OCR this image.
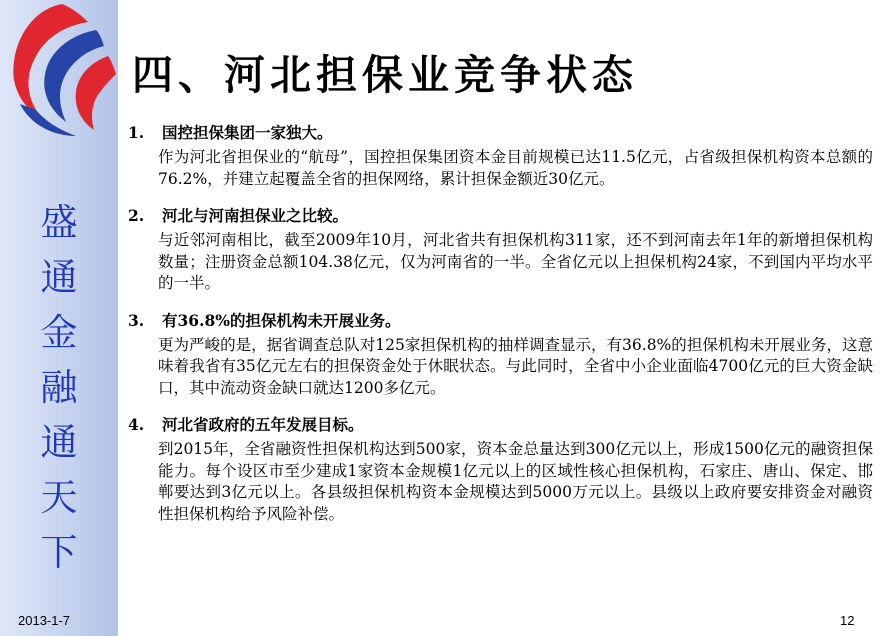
盛
通
金
融
通
天
下
2013-1-7
四、河北担保业竞争状态
1. 国控担保集团一家独大。
作为河北省担保业的“航母”，国控担保集团资本金目前规模已达11.5亿元，占省级担保机构资本总额的76.2%，并建立起覆盖全省的担保网络，累计担保金额近30亿元。
2. 河北与河南担保业之比较。
与近邻河南相比，截至2009年10月，河北省共有担保机构311家，还不到河南去年1年的新增担保机构数量；注册资金总额104.38亿元，仅为河南省的一半。全省亿元以上担保机构24家，不到国内平均水平的一半。
3. 有36.8%的担保机构未开展业务。
更为严峻的是，据省调查总队对125家担保机构的抽样调查显示，有36.8%的担保机构未开展业务，这意味着我省有35亿元左右的担保资金处于休眠状态。与此同时，全省中小企业面临4700亿元的巨大资金缺口，其中流动资金缺口就达1200多亿元。
4. 河北省政府的五年发展目标。
到2015年，全省融资性担保机构达到500家，资本金总量达到300亿元以上，形成1500亿元的融资担保能力。每个设区市至少建成1家资本金规模1亿元以上的区域性核心担保机构，石家庄、唐山、保定、邯郸要达到3亿元以上。各县级担保机构资本金规模达到5000万元以上。县级以上政府要安排资金对融资性担保机构给予风险补偿。
12
